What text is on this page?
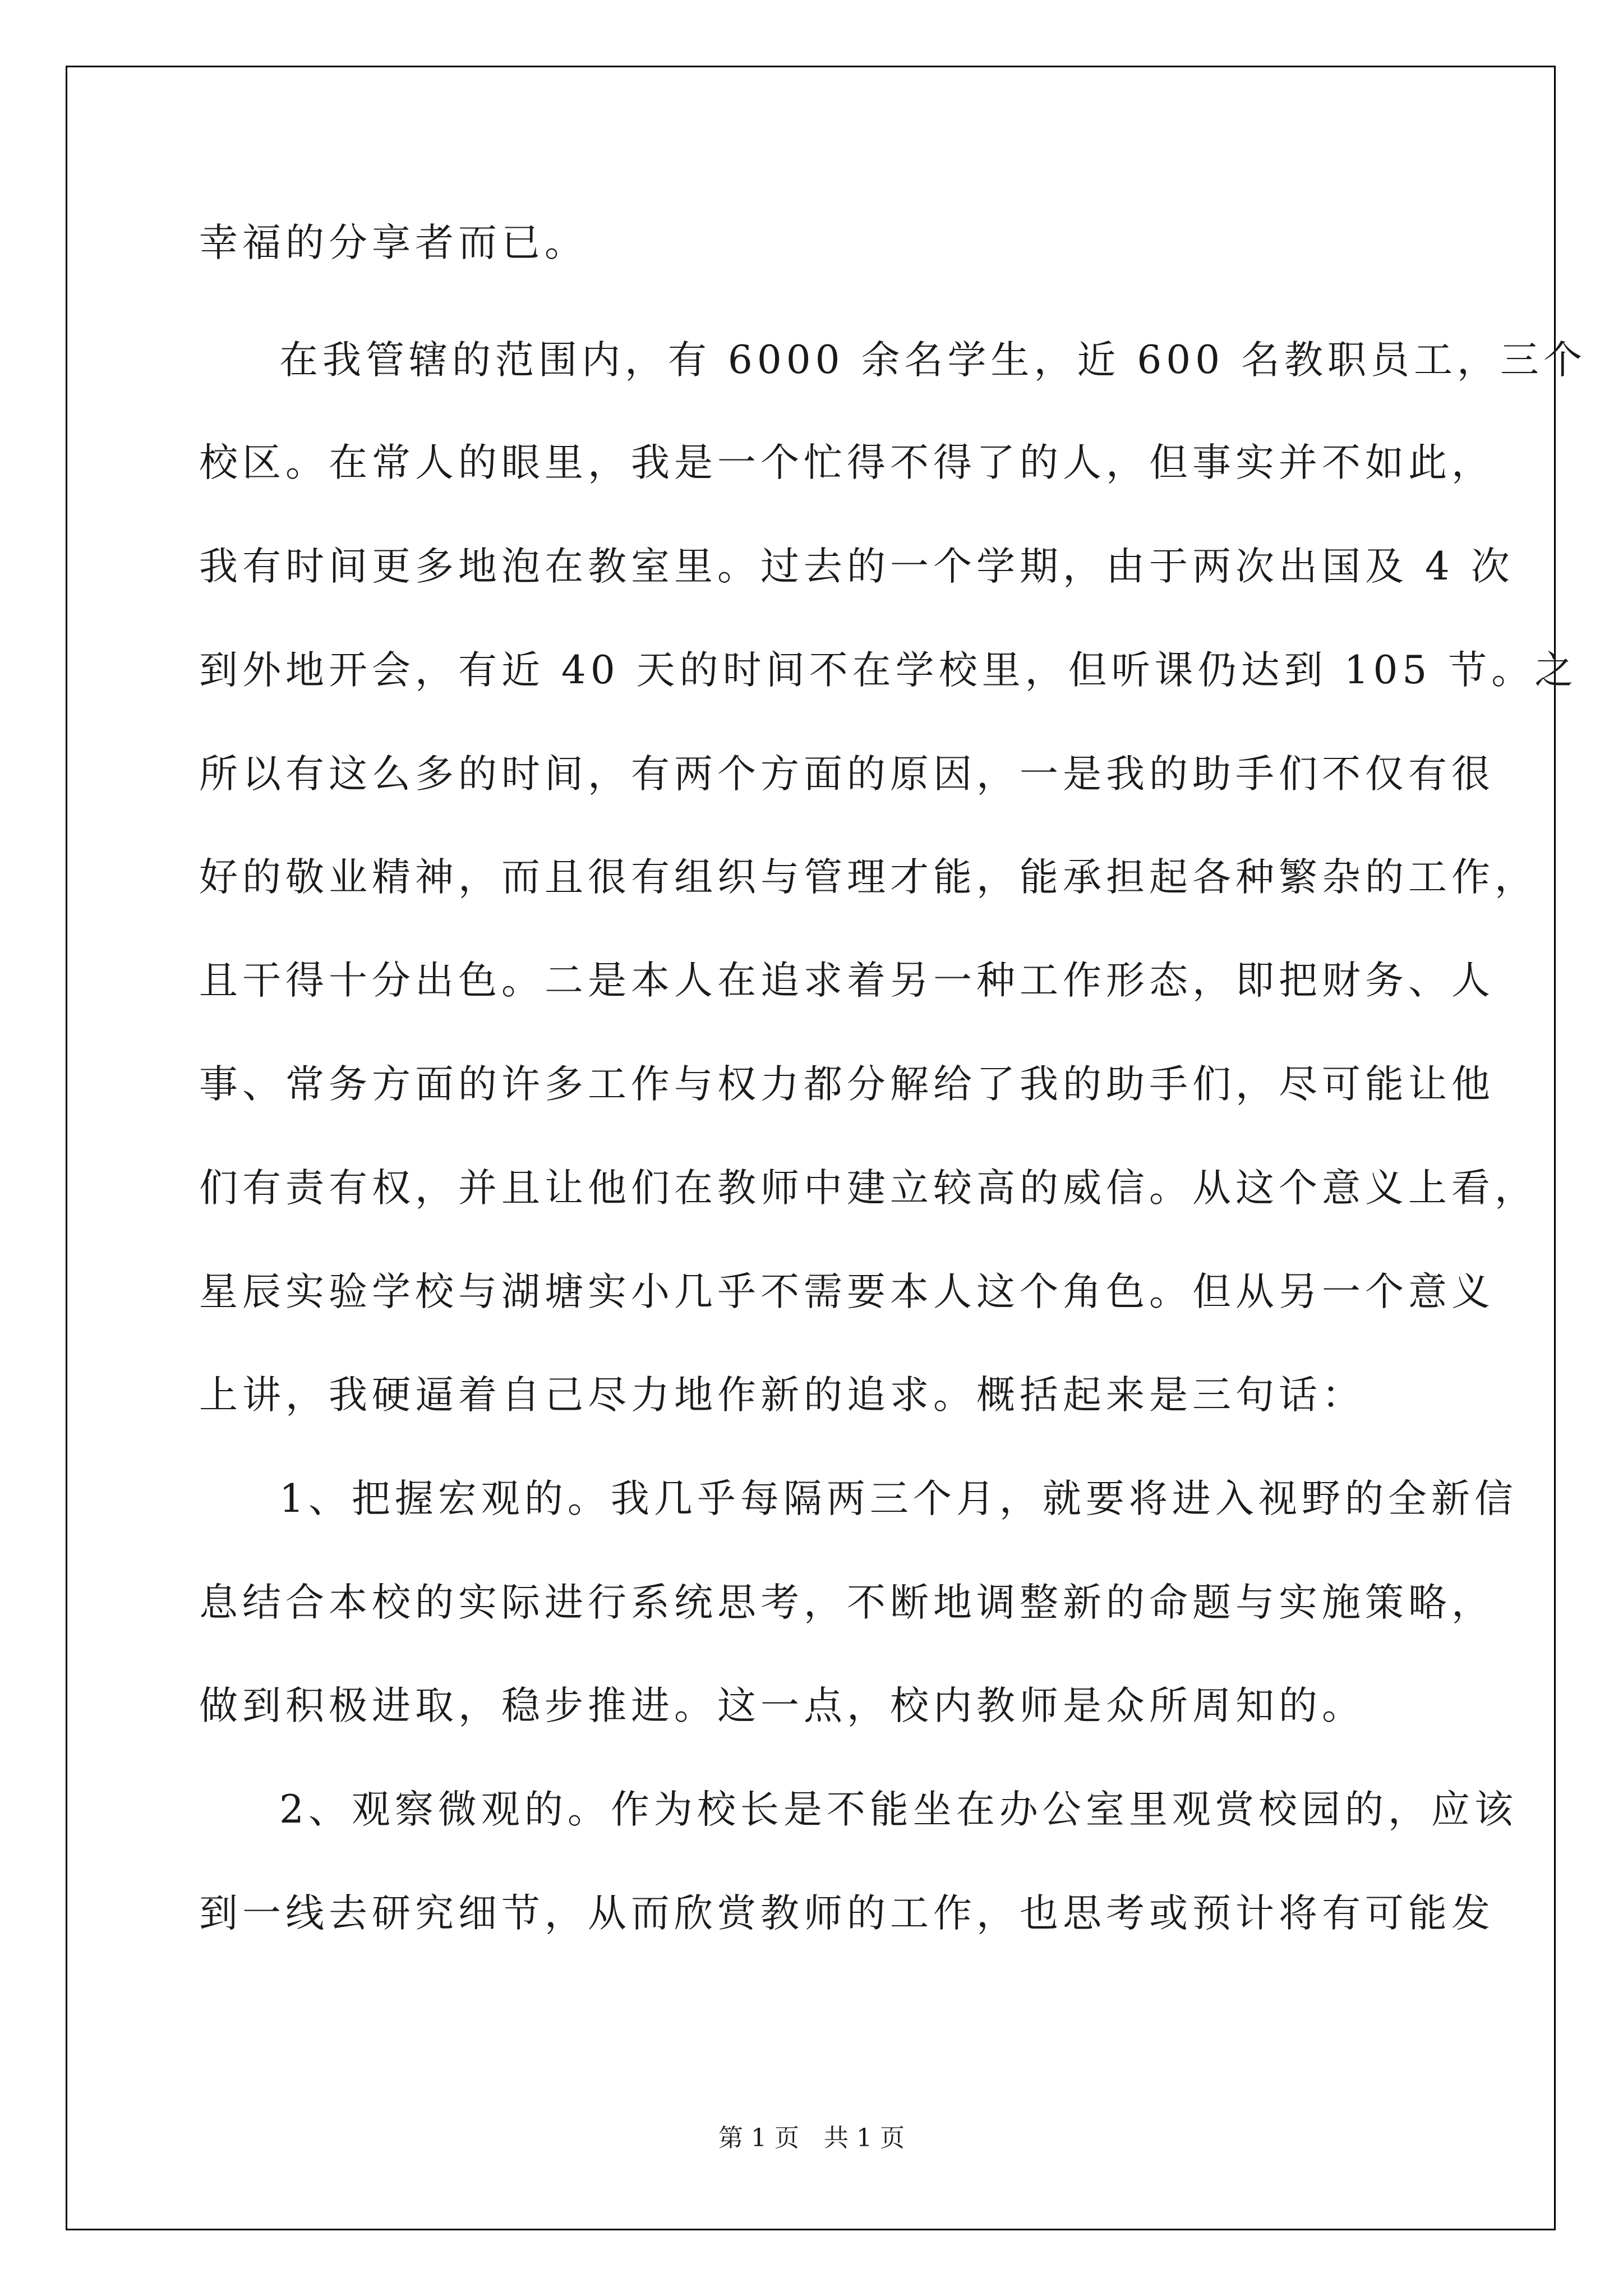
幸福的分享者而已。
在我管辖的范围内，有 6000 余名学生，近 600 名教职员工，三个
校区。在常人的眼里，我是一个忙得不得了的人，但事实并不如此，
我有时间更多地泡在教室里。过去的一个学期，由于两次出国及 4 次
到外地开会，有近 40 天的时间不在学校里，但听课仍达到 105 节。之
所以有这么多的时间，有两个方面的原因，一是我的助手们不仅有很
好的敬业精神，而且很有组织与管理才能，能承担起各种繁杂的工作，
且干得十分出色。二是本人在追求着另一种工作形态，即把财务、人
事、常务方面的许多工作与权力都分解给了我的助手们，尽可能让他
们有责有权，并且让他们在教师中建立较高的威信。从这个意义上看，
星辰实验学校与湖塘实小几乎不需要本人这个角色。但从另一个意义
上讲，我硬逼着自己尽力地作新的追求。概括起来是三句话：
1、把握宏观的。我几乎每隔两三个月，就要将进入视野的全新信
息结合本校的实际进行系统思考，不断地调整新的命题与实施策略，
做到积极进取，稳步推进。这一点，校内教师是众所周知的。
2、观察微观的。作为校长是不能坐在办公室里观赏校园的，应该
到一线去研究细节，从而欣赏教师的工作，也思考或预计将有可能发
第 1 页　共 1 页
